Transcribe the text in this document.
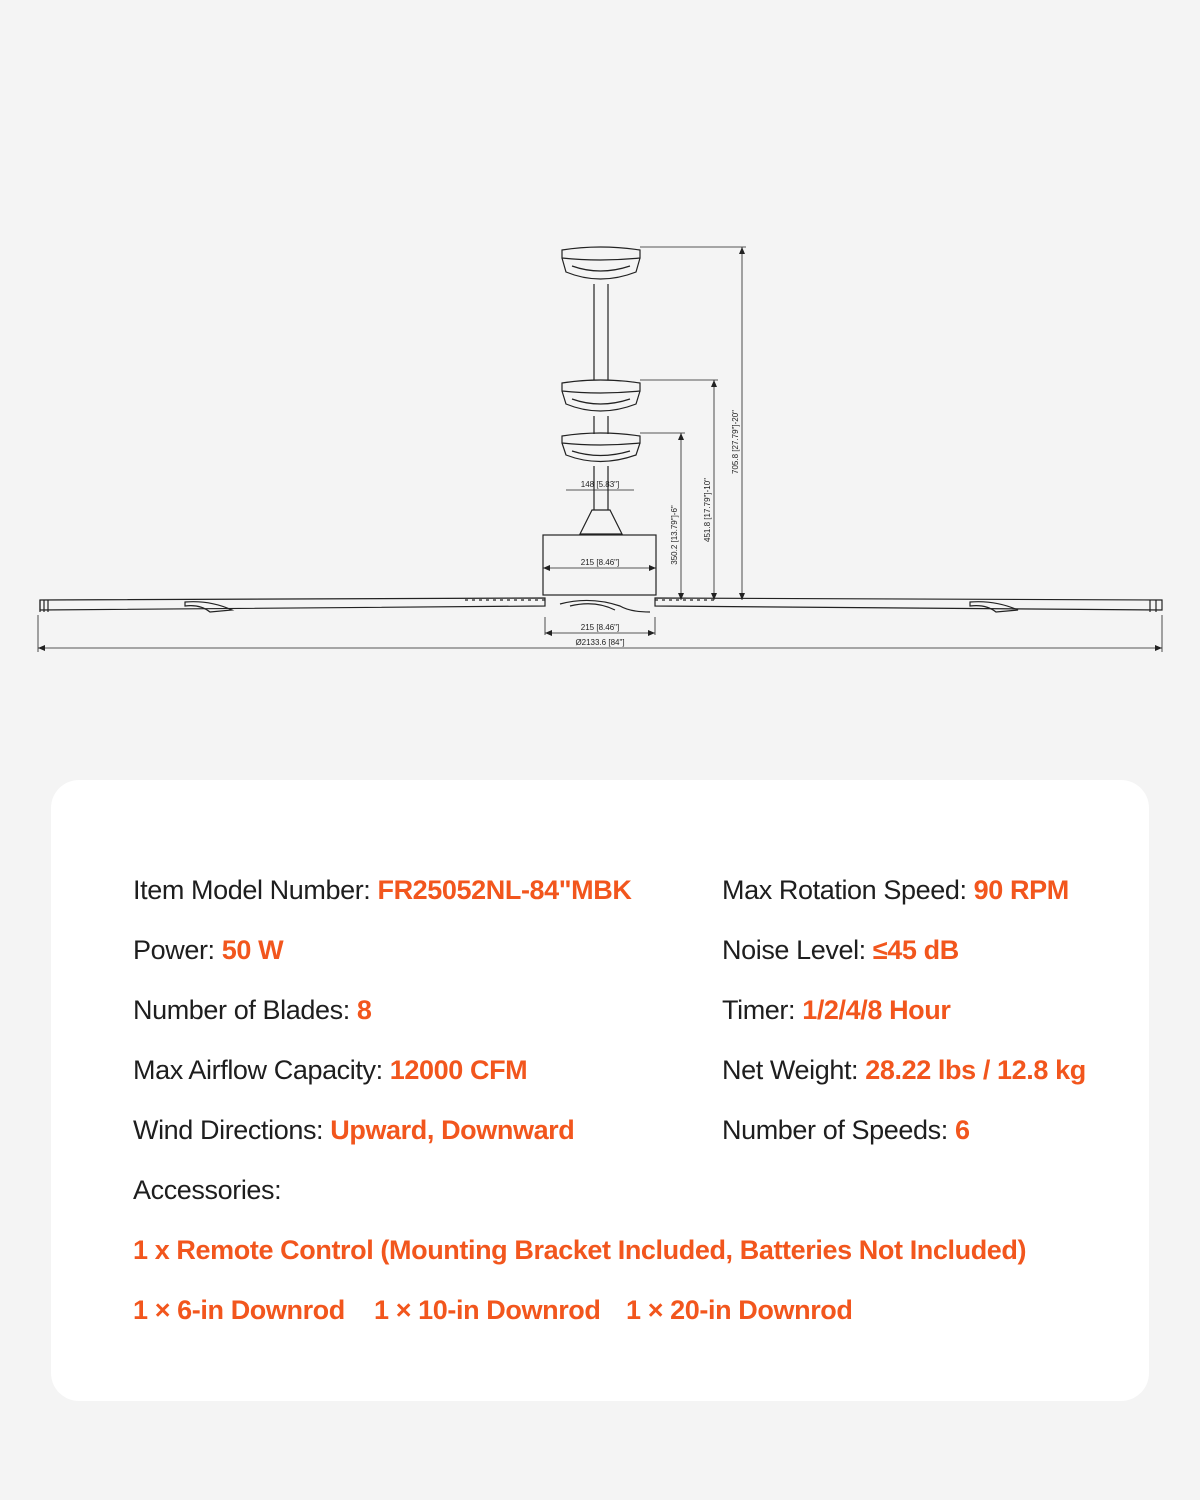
148 [5.83"]
215 [8.46"]
215 [8.46"]
Ø2133.6 [84"]
350.2 [13.79"]-6"	451.8 [17.79"]-10"
705.8 [27.79"]-20"
Item Model Number: FR25052NL-84"MBK
Power: 50 W
Number of Blades: 8
Max Airflow Capacity: 12000 CFM
Wind Directions: Upward, Downward
Max Rotation Speed: 90 RPM
Noise Level: ≤45 dB
Timer: 1/2/4/8 Hour
Net Weight: 28.22 lbs / 12.8 kg
Number of Speeds: 6
Accessories:
1 x Remote Control (Mounting Bracket Included, Batteries Not Included)
1 × 6-in Downrod 1 × 10-in Downrod 1 × 20-in Downrod
